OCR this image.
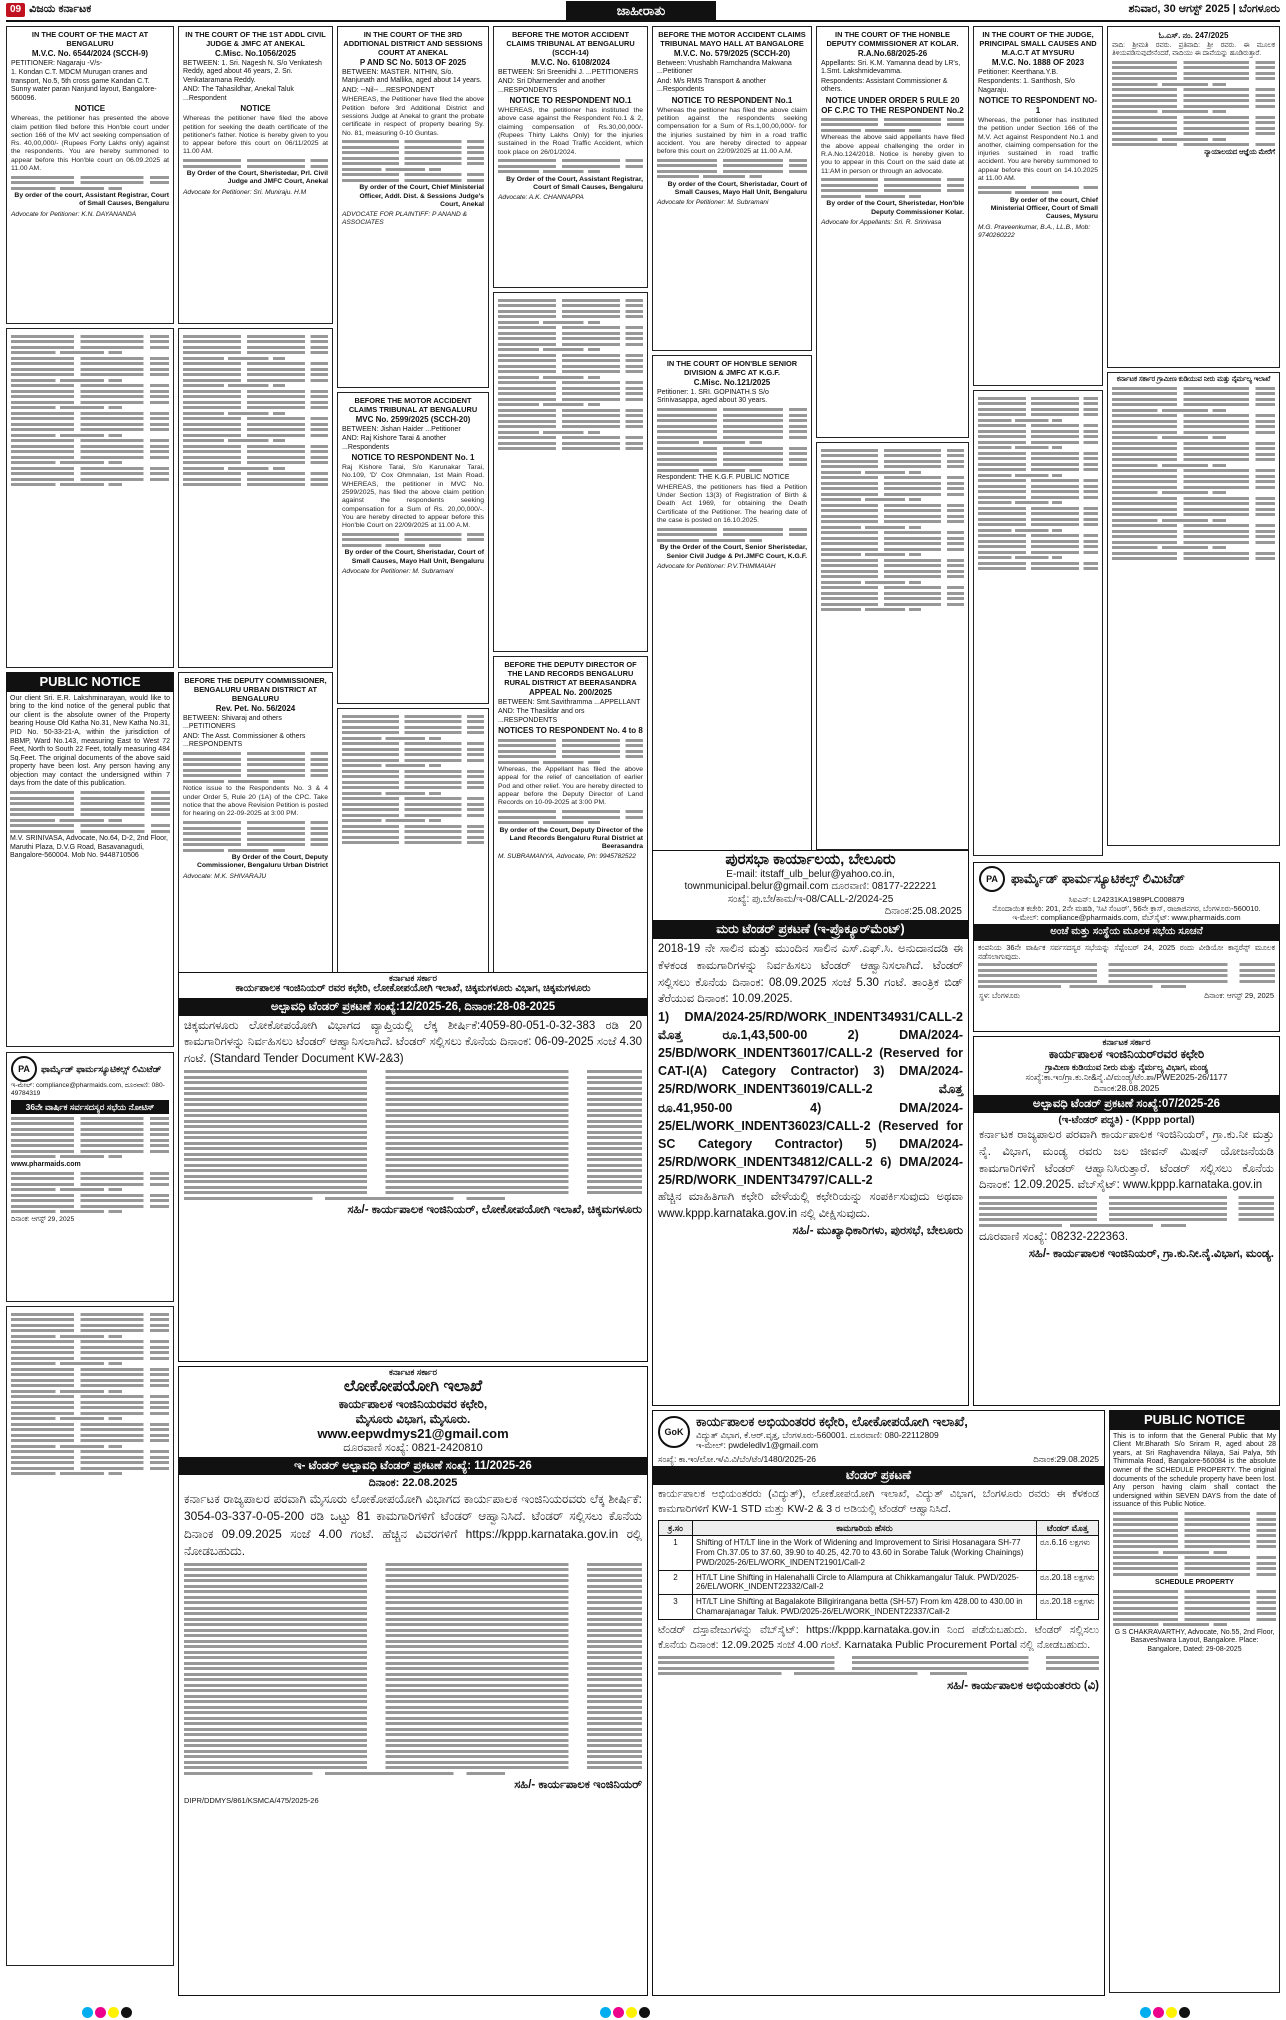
09 ವಿಜಯ ಕರ್ನಾಟಕ	ಜಾಹೀರಾತು	ಶನಿವಾರ, 30 ಆಗಸ್ಟ್ 2025 | ಬೆಂಗಳೂರು
IN THE COURT OF THE MACT AT BENGALURU
M.V.C. No. 6544/2024 (SCCH-9)
PETITIONER: Nagaraju -V/s-
1. Kondan C.T. MDCM Murugan cranes and transport, No.5, 5th cross game Kandan C.T. Sunny water paran Nanjund layout, Bangalore-560096.
NOTICE
Whereas, the petitioner has presented the above claim petition filed before this Hon'ble court under section 166 of the MV act seeking compensation of Rs. 40,00,000/- (Rupees Forty Lakhs only) against the respondents. You are hereby summoned to appear before this Hon'ble court on 06.09.2025 at 11.00 AM.
By order of the court, Assistant Registrar, Court of Small Causes, Bengaluru
Advocate for Petitioner: K.N. DAYANANDA
PUBLIC NOTICE
Our client Sri. E.R. Lakshminarayan, would like to bring to the kind notice of the general public that our client is the absolute owner of the Property bearing House Old Katha No.31, New Katha No.31, PID No. 50-33-21-A, within the jurisdiction of BBMP, Ward No.143, measuring East to West 72 Feet, North to South 22 Feet, totally measuring 484 Sq.Feet. The original documents of the above said property have been lost. Any person having any objection may contact the undersigned within 7 days from the date of this publication.
M.V. SRINIVASA, Advocate, No.64, D-2, 2nd Floor, Maruthi Plaza, D.V.G Road, Basavanagudi, Bangalore-560004. Mob No. 9448710506
PA	ಫಾರ್ಮೈಡ್ ಫಾರ್ಮಸ್ಯೂಟಿಕಲ್ಸ್ ಲಿಮಿಟೆಡ್
ಇ-ಮೇಲ್: compliance@pharmaids.com, ದೂರವಾಣಿ: 080-49784319
36ನೇ ವಾರ್ಷಿಕ ಸರ್ವಸದಸ್ಯರ ಸಭೆಯ ನೋಟಿಸ್
www.pharmaids.com
ದಿನಾಂಕ: ಆಗಸ್ಟ್ 29, 2025
IN THE COURT OF THE 1ST ADDL CIVIL JUDGE & JMFC AT ANEKAL
C.Misc. No.1056/2025
BETWEEN: 1. Sri. Nagesh N. S/o Venkatesh Reddy, aged about 46 years, 2. Sri. Venkataramana Reddy.
AND: The Tahasildhar, Anekal Taluk ...Respondent
NOTICE
Whereas the petitioner have filed the above petition for seeking the death certificate of the petitioner's father. Notice is hereby given to you to appear before this court on 06/11/2025 at 11.00 AM.
By Order of the Court, Sheristedar, Prl. Civil Judge and JMFC Court, Anekal
Advocate for Petitioner: Sri. Muniraju. H.M
BEFORE THE DEPUTY COMMISSIONER, BENGALURU URBAN DISTRICT AT BENGALURU
Rev. Pet. No. 56/2024
BETWEEN: Shivaraj and others ...PETITIONERS
AND: The Asst. Commissioner & others ...RESPONDENTS
Notice issue to the Respondents No. 3 & 4 under Order 5, Rule 20 (1A) of the CPC. Take notice that the above Revision Petition is posted for hearing on 22-09-2025 at 3:00 PM.
By Order of the Court, Deputy Commissioner, Bengaluru Urban District
Advocate: M.K. SHIVARAJU
IN THE COURT OF THE 3RD ADDITIONAL DISTRICT AND SESSIONS COURT AT ANEKAL
P AND SC No. 5013 OF 2025
BETWEEN: MASTER. NITHIN, S/o. Manjunath and Mallika, aged about 14 years.
AND: --Nil-- ...RESPONDENT
WHEREAS, the Petitioner have filed the above Petition before 3rd Additional District and sessions Judge at Anekal to grant the probate certificate in respect of property bearing Sy. No. 81, measuring 0-10 Guntas.
By order of the Court, Chief Ministerial Officer, Addl. Dist. & Sessions Judge's Court, Anekal
ADVOCATE FOR PLAINTIFF: P ANAND & ASSOCIATES
BEFORE THE MOTOR ACCIDENT CLAIMS TRIBUNAL AT BENGALURU
MVC No. 2599/2025 (SCCH-20)
BETWEEN: Jishan Haider ...Petitioner
AND: Raj Kishore Tarai & another ...Respondents
NOTICE TO RESPONDENT No. 1
Raj Kishore Tarai, S/o Karunakar Tarai, No.109, 'D' Cox Ohmnalan, 1st Main Road. WHEREAS, the petitioner in MVC No. 2599/2025, has filed the above claim petition against the respondents seeking compensation for a Sum of Rs. 20,00,000/-. You are hereby directed to appear before this Hon'ble Court on 22/09/2025 at 11.00 A.M.
By order of the Court, Sheristadar, Court of Small Causes, Mayo Hall Unit, Bengaluru
Advocate for Petitioner: M. Subramani
BEFORE THE MOTOR ACCIDENT CLAIMS TRIBUNAL AT BENGALURU (SCCH-14)
M.V.C. No. 6108/2024
BETWEEN: Sri Sreenidhi J. ...PETITIONERS
AND: Sri Dharmender and another ...RESPONDENTS
NOTICE TO RESPONDENT NO.1
WHEREAS, the petitioner has instituted the above case against the Respondent No.1 & 2, claiming compensation of Rs.30,00,000/- (Rupees Thirty Lakhs Only) for the injuries sustained in the Road Traffic Accident, which took place on 26/01/2024.
By Order of the Court, Assistant Registrar, Court of Small Causes, Bengaluru
Advocate: A.K. CHANNAPPA
BEFORE THE DEPUTY DIRECTOR OF THE LAND RECORDS BENGALURU RURAL DISTRICT AT BEERASANDRA
APPEAL No. 200/2025
BETWEEN: Smt.Savithramma ...APPELLANT
AND: The Thasildar and ors ...RESPONDENTS
NOTICES TO RESPONDENT No. 4 to 8
Whereas, the Appellant has filed the above appeal for the relief of cancellation of earlier Pod and other relief. You are hereby directed to appear before the Deputy Director of Land Records on 10-09-2025 at 3:00 PM.
By order of the Court, Deputy Director of the Land Records Bengaluru Rural District at Beerasandra
M. SUBRAMANYA, Advocate, Ph: 9945782522
BEFORE THE MOTOR ACCIDENT CLAIMS TRIBUNAL MAYO HALL AT BANGALORE
M.V.C. No. 579/2025 (SCCH-20)
Between: Vrushabh Ramchandra Makwana ...Petitioner
And: M/s RMS Transport & another ...Respondents
NOTICE TO RESPONDENT No.1
Whereas the petitioner has filed the above claim petition against the respondents seeking compensation for a Sum of Rs.1,00,00,000/- for the injuries sustained by him in a road traffic accident. You are hereby directed to appear before this court on 22/09/2025 at 11.00 A.M.
By order of the Court, Sheristadar, Court of Small Causes, Mayo Hall Unit, Bengaluru
Advocate for Petitioner: M. Subramani
IN THE COURT OF HON'BLE SENIOR DIVISION & JMFC AT K.G.F.
C.Misc. No.121/2025
Petitioner: 1. SRI. GOPINATH.S S/o Srinivasappa, aged about 30 years.
Respondent: THE K.G.F. PUBLIC NOTICE
WHEREAS, the petitioners has filed a Petition Under Section 13(3) of Registration of Birth & Death Act 1969, for obtaining the Death Certificate of the Petitioner. The hearing date of the case is posted on 16.10.2025.
By the Order of the Court, Senior Sheristedar, Senior Civil Judge & Prl.JMFC Court, K.G.F.
Advocate for Petitioner: P.V.THIMMAIAH
IN THE COURT OF THE HONBLE DEPUTY COMMISSIONER AT KOLAR.
R.A.No.68/2025-26
Appellants: Sri. K.M. Yamanna dead by LR's, 1.Smt. Lakshmidevamma.
Respondents: Assistant Commissioner & others.
NOTICE UNDER ORDER 5 RULE 20 OF C.P.C TO THE RESPONDENT No.2
Whereas the above said appellants have filed the above appeal challenging the order in R.A.No.124/2018. Notice is hereby given to you to appear in this Court on the said date at 11:AM in person or through an advocate.
By order of the Court, Sheristedar, Hon'ble Deputy Commissioner Kolar.
Advocate for Appellants: Sri. R. Srinivasa
IN THE COURT OF THE JUDGE, PRINCIPAL SMALL CAUSES AND M.A.C.T AT MYSURU
M.V.C. No. 1888 OF 2023
Petitioner: Keerthana.Y.B.
Respondents: 1. Santhosh, S/o Nagaraju.
NOTICE TO RESPONDENT NO-1
Whereas, the petitioner has instituted the petition under Section 166 of the M.V. Act against Respondent No.1 and another, claiming compensation for the injuries sustained in road traffic accident. You are hereby summoned to appear before this court on 14.10.2025 at 11.00 AM.
By order of the court, Chief Ministerial Officer, Court of Small Causes, Mysuru
M.G. Praveenkumar, B.A., LL.B., Mob: 9740260222
ಓ.ಎಸ್. ನಂ. 247/2025
ವಾದಿ: ಶ್ರೀಮತಿ ರವರು. ಪ್ರತಿವಾದಿ: ಶ್ರೀ ರವರು. ಈ ಮೂಲಕ ತಿಳಿಯಪಡಿಸುವುದೇನೆಂದರೆ, ವಾದಿಯು ಈ ದಾವೆಯನ್ನು ಹೂಡಿರುತ್ತಾರೆ.
ನ್ಯಾಯಾಲಯದ ಆಜ್ಞೆಯ ಮೇರೆಗೆ
ಕರ್ನಾಟಕ ಸರ್ಕಾರ ಗ್ರಾಮೀಣ ಕುಡಿಯುವ ನೀರು ಮತ್ತು ನೈರ್ಮಲ್ಯ ಇಲಾಖೆ
PA	ಫಾರ್ಮೈಡ್ ಫಾರ್ಮಸ್ಯೂಟಿಕಲ್ಸ್ ಲಿಮಿಟೆಡ್
ಸಿಐಎನ್: L24231KA1989PLC008879
ನೊಂದಾಯಿತ ಕಚೇರಿ: 201, 2ನೇ ಮಹಡಿ, 'ಸಿಟಿ ಸೆಂಟರ್', 56ನೇ ಕ್ರಾಸ್, ರಾಜಾಜಿನಗರ, ಬೆಂಗಳೂರು-560010.
ಇ-ಮೇಲ್: compliance@pharmaids.com, ವೆಬ್‌ಸೈಟ್: www.pharmaids.com
ಅಂಚೆ ಮತ್ತು ಸಂಸ್ಥೆಯ ಮೂಲಕ ಸಭೆಯ ಸೂಚನೆ
ಕಂಪನಿಯ 36ನೇ ವಾರ್ಷಿಕ ಸರ್ವಸದಸ್ಯರ ಸಭೆಯನ್ನು ಸೆಪ್ಟೆಂಬರ್ 24, 2025 ರಂದು ವೀಡಿಯೋ ಕಾನ್ಫರೆನ್ಸ್ ಮೂಲಕ ನಡೆಸಲಾಗುವುದು.
ಸ್ಥಳ: ಬೆಂಗಳೂರು	ದಿನಾಂಕ: ಆಗಸ್ಟ್ 29, 2025
ಕರ್ನಾಟಕ ಸರ್ಕಾರ
ಕಾರ್ಯಪಾಲಕ ಇಂಜಿನಿಯರ್‌ರವರ ಕಛೇರಿ
ಗ್ರಾಮೀಣ ಕುಡಿಯುವ ನೀರು ಮತ್ತು ನೈರ್ಮಲ್ಯ ವಿಭಾಗ, ಮಂಡ್ಯ
ಸಂಖ್ಯೆ:ಕಾ.ಇಂ/ಗ್ರಾ.ಕು.ನೀ&ನೈ.ವಿ/ಮಂಡ್ಯ/ಟೆಂ.ಶಾ/PWE2025-26/1177
ದಿನಾಂಕ:28.08.2025
ಅಲ್ಪಾವಧಿ ಟೆಂಡರ್ ಪ್ರಕಟಣೆ ಸಂಖ್ಯೆ:07/2025-26
(ಇ-ಟೆಂಡರ್ ಪದ್ಧತಿ) - (Kppp portal)
ಕರ್ನಾಟಕ ರಾಜ್ಯಪಾಲರ ಪರವಾಗಿ ಕಾರ್ಯಪಾಲಕ ಇಂಜಿನಿಯರ್, ಗ್ರಾ.ಕು.ನೀ ಮತ್ತು ನೈ. ವಿಭಾಗ, ಮಂಡ್ಯ ರವರು ಜಲ ಜೀವನ್ ಮಿಷನ್ ಯೋಜನೆಯಡಿ ಕಾಮಗಾರಿಗಳಿಗೆ ಟೆಂಡರ್ ಆಹ್ವಾನಿಸಿರುತ್ತಾರೆ. ಟೆಂಡರ್ ಸಲ್ಲಿಸಲು ಕೊನೆಯ ದಿನಾಂಕ: 12.09.2025. ವೆಬ್‌ಸೈಟ್: www.kppp.karnataka.gov.in
ದೂರವಾಣಿ ಸಂಖ್ಯೆ: 08232-222363.
ಸಹಿ/- ಕಾರ್ಯಪಾಲಕ ಇಂಜಿನಿಯರ್, ಗ್ರಾ.ಕು.ನೀ.ನೈ.ವಿಭಾಗ, ಮಂಡ್ಯ.
ಪುರಸಭಾ ಕಾರ್ಯಾಲಯ, ಬೇಲೂರು
E-mail: itstaff_ulb_belur@yahoo.co.in,
townmunicipal.belur@gmail.com ದೂರವಾಣಿ: 08177-222221
ಸಂಖ್ಯೆ: ಪು.ಬೇ/ಕಾಮ/ಇ-08/CALL-2/2024-25
ದಿನಾಂಕ:25.08.2025
ಮರು ಟೆಂಡರ್ ಪ್ರಕಟಣೆ (ಇ-ಪ್ರೊಕ್ಯೂರ್‌ಮೆಂಟ್)
2018-19 ನೇ ಸಾಲಿನ ಮತ್ತು ಮುಂದಿನ ಸಾಲಿನ ಎಸ್.ಎಫ್.ಸಿ. ಅನುದಾನದಡಿ ಈ ಕೆಳಕಂಡ ಕಾಮಗಾರಿಗಳನ್ನು ನಿರ್ವಹಿಸಲು ಟೆಂಡರ್ ಆಹ್ವಾನಿಸಲಾಗಿದೆ. ಟೆಂಡರ್ ಸಲ್ಲಿಸಲು ಕೊನೆಯ ದಿನಾಂಕ: 08.09.2025 ಸಂಜೆ 5.30 ಗಂಟೆ. ತಾಂತ್ರಿಕ ಬಿಡ್ ತೆರೆಯುವ ದಿನಾಂಕ: 10.09.2025.
1) DMA/2024-25/RD/WORK_INDENT34931/CALL-2 ಮೊತ್ತ ರೂ.1,43,500-00 2) DMA/2024-25/BD/WORK_INDENT36017/CALL-2 (Reserved for CAT-I(A) Category Contractor) 3) DMA/2024-25/RD/WORK_INDENT36019/CALL-2 ಮೊತ್ತ ರೂ.41,950-00 4) DMA/2024-25/EL/WORK_INDENT36023/CALL-2 (Reserved for SC Category Contractor) 5) DMA/2024-25/RD/WORK_INDENT34812/CALL-2 6) DMA/2024-25/RD/WORK_INDENT34797/CALL-2
ಹೆಚ್ಚಿನ ಮಾಹಿತಿಗಾಗಿ ಕಛೇರಿ ವೇಳೆಯಲ್ಲಿ ಕಛೇರಿಯನ್ನು ಸಂಪರ್ಕಿಸುವುದು ಅಥವಾ www.kppp.karnataka.gov.in ನಲ್ಲಿ ವೀಕ್ಷಿಸುವುದು.
ಸಹಿ/- ಮುಖ್ಯಾಧಿಕಾರಿಗಳು, ಪುರಸಭೆ, ಬೇಲೂರು
ಕರ್ನಾಟಕ ಸರ್ಕಾರ
ಕಾರ್ಯಪಾಲಕ ಇಂಜಿನಿಯರ್ ರವರ ಕಛೇರಿ, ಲೋಕೋಪಯೋಗಿ ಇಲಾಖೆ, ಚಿಕ್ಕಮಗಳೂರು ವಿಭಾಗ, ಚಿಕ್ಕಮಗಳೂರು
ಅಲ್ಪಾವಧಿ ಟೆಂಡರ್ ಪ್ರಕಟಣೆ ಸಂಖ್ಯೆ:12/2025-26, ದಿನಾಂಕ:28-08-2025
ಚಿಕ್ಕಮಗಳೂರು ಲೋಕೋಪಯೋಗಿ ವಿಭಾಗದ ವ್ಯಾಪ್ತಿಯಲ್ಲಿ ಲೆಕ್ಕ ಶೀರ್ಷಿಕೆ:4059-80-051-0-32-383 ರಡಿ 20 ಕಾಮಗಾರಿಗಳನ್ನು ನಿರ್ವಹಿಸಲು ಟೆಂಡರ್ ಆಹ್ವಾನಿಸಲಾಗಿದೆ. ಟೆಂಡರ್ ಸಲ್ಲಿಸಲು ಕೊನೆಯ ದಿನಾಂಕ: 06-09-2025 ಸಂಜೆ 4.30 ಗಂಟೆ. (Standard Tender Document KW-2&3)
ಸಹಿ/- ಕಾರ್ಯಪಾಲಕ ಇಂಜಿನಿಯರ್, ಲೋಕೋಪಯೋಗಿ ಇಲಾಖೆ, ಚಿಕ್ಕಮಗಳೂರು
ಕರ್ನಾಟಕ ಸರ್ಕಾರ
ಲೋಕೋಪಯೋಗಿ ಇಲಾಖೆ
ಕಾರ್ಯಪಾಲಕ ಇಂಜಿನಿಯರವರ ಕಛೇರಿ,
ಮೈಸೂರು ವಿಭಾಗ, ಮೈಸೂರು.
www.eepwdmys21@gmail.com
ದೂರವಾಣಿ ಸಂಖ್ಯೆ: 0821-2420810
ಇ- ಟೆಂಡರ್ ಅಲ್ಪಾವಧಿ ಟೆಂಡರ್ ಪ್ರಕಟಣೆ ಸಂಖ್ಯೆ: 11/2025-26
ದಿನಾಂಕ: 22.08.2025
ಕರ್ನಾಟಕ ರಾಜ್ಯಪಾಲರ ಪರವಾಗಿ ಮೈಸೂರು ಲೋಕೋಪಯೋಗಿ ವಿಭಾಗದ ಕಾರ್ಯಪಾಲಕ ಇಂಜಿನಿಯರವರು ಲೆಕ್ಕ ಶೀರ್ಷಿಕೆ: 3054-03-337-0-05-200 ರಡಿ ಒಟ್ಟು 81 ಕಾಮಗಾರಿಗಳಿಗೆ ಟೆಂಡರ್ ಆಹ್ವಾನಿಸಿದೆ. ಟೆಂಡರ್ ಸಲ್ಲಿಸಲು ಕೊನೆಯ ದಿನಾಂಕ 09.09.2025 ಸಂಜೆ 4.00 ಗಂಟೆ. ಹೆಚ್ಚಿನ ವಿವರಗಳಿಗೆ https://kppp.karnataka.gov.in ರಲ್ಲಿ ನೋಡಬಹುದು.
ಸಹಿ/- ಕಾರ್ಯಪಾಲಕ ಇಂಜಿನಿಯರ್
DIPR/DDMYS/861/KSMCA/475/2025-26
GoK
ಕಾರ್ಯಪಾಲಕ ಅಭಿಯಂತರರ ಕಛೇರಿ, ಲೋಕೋಪಯೋಗಿ ಇಲಾಖೆ,
ವಿದ್ಯುತ್ ವಿಭಾಗ, ಕೆ.ಆರ್.ವೃತ್ತ, ಬೆಂಗಳೂರು-560001. ದೂರವಾಣಿ: 080-22112809
ಇ-ಮೇಲ್: pwdeledlv1@gmail.com
ಸಂಖ್ಯೆ: ಕಾ.ಇಂ/ಲೋ.ಇ/ವಿ.ವಿ/ಬೆಂ/ಟೆಂ/1480/2025-26	ದಿನಾಂಕ:29.08.2025
ಟೆಂಡರ್ ಪ್ರಕಟಣೆ
ಕಾರ್ಯಪಾಲಕ ಅಭಿಯಂತರರು (ವಿದ್ಯುತ್), ಲೋಕೋಪಯೋಗಿ ಇಲಾಖೆ, ವಿದ್ಯುತ್ ವಿಭಾಗ, ಬೆಂಗಳೂರು ರವರು ಈ ಕೆಳಕಂಡ ಕಾಮಗಾರಿಗಳಿಗೆ KW-1 STD ಮತ್ತು KW-2 & 3 ರ ಅಡಿಯಲ್ಲಿ ಟೆಂಡರ್ ಆಹ್ವಾನಿಸಿದೆ.
ಕ್ರ.ಸಂ	ಕಾಮಗಾರಿಯ ಹೆಸರು	ಟೆಂಡರ್ ಮೊತ್ತ
1	Shifting of HT/LT line in the Work of Widening and Improvement to Sirisi Hosanagara SH-77 From Ch.37.05 to 37.60, 39.90 to 40.25, 42.70 to 43.60 in Sorabe Taluk (Working Chainings) PWD/2025-26/EL/WORK_INDENT21901/Call-2	ರೂ.6.16 ಲಕ್ಷಗಳು
2	HT/LT Line Shifting in Halenahalli Circle to Allampura at Chikkamangalur Taluk. PWD/2025-26/EL/WORK_INDENT22332/Call-2	ರೂ.20.18 ಲಕ್ಷಗಳು
3	HT/LT Line Shifting at Bagalakote Biligirirangana betta (SH-57) From km 428.00 to 430.00 in Chamarajanagar Taluk. PWD/2025-26/EL/WORK_INDENT22337/Call-2	ರೂ.20.18 ಲಕ್ಷಗಳು
ಟೆಂಡರ್ ದಸ್ತಾವೇಜುಗಳನ್ನು ವೆಬ್‌ಸೈಟ್: https://kppp.karnataka.gov.in ನಿಂದ ಪಡೆಯಬಹುದು. ಟೆಂಡರ್ ಸಲ್ಲಿಸಲು ಕೊನೆಯ ದಿನಾಂಕ: 12.09.2025 ಸಂಜೆ 4.00 ಗಂಟೆ. Karnataka Public Procurement Portal ನಲ್ಲಿ ನೋಡಬಹುದು.
ಸಹಿ/- ಕಾರ್ಯಪಾಲಕ ಅಭಿಯಂತರರು (ವಿ)
PUBLIC NOTICE
This is to inform that the General Public that My Client Mr.Bharath S/o Sriram R, aged about 28 years, at Sri Raghavendra Nilaya, Sai Palya, 5th Thimmala Road, Bangalore-560084 is the absolute owner of the SCHEDULE PROPERTY. The original documents of the schedule property have been lost. Any person having claim shall contact the undersigned within SEVEN DAYS from the date of issuance of this Public Notice.
SCHEDULE PROPERTY
G S CHAKRAVARTHY, Advocate, No.55, 2nd Floor, Basaveshwara Layout, Bangalore. Place: Bangalore, Dated: 29-08-2025
